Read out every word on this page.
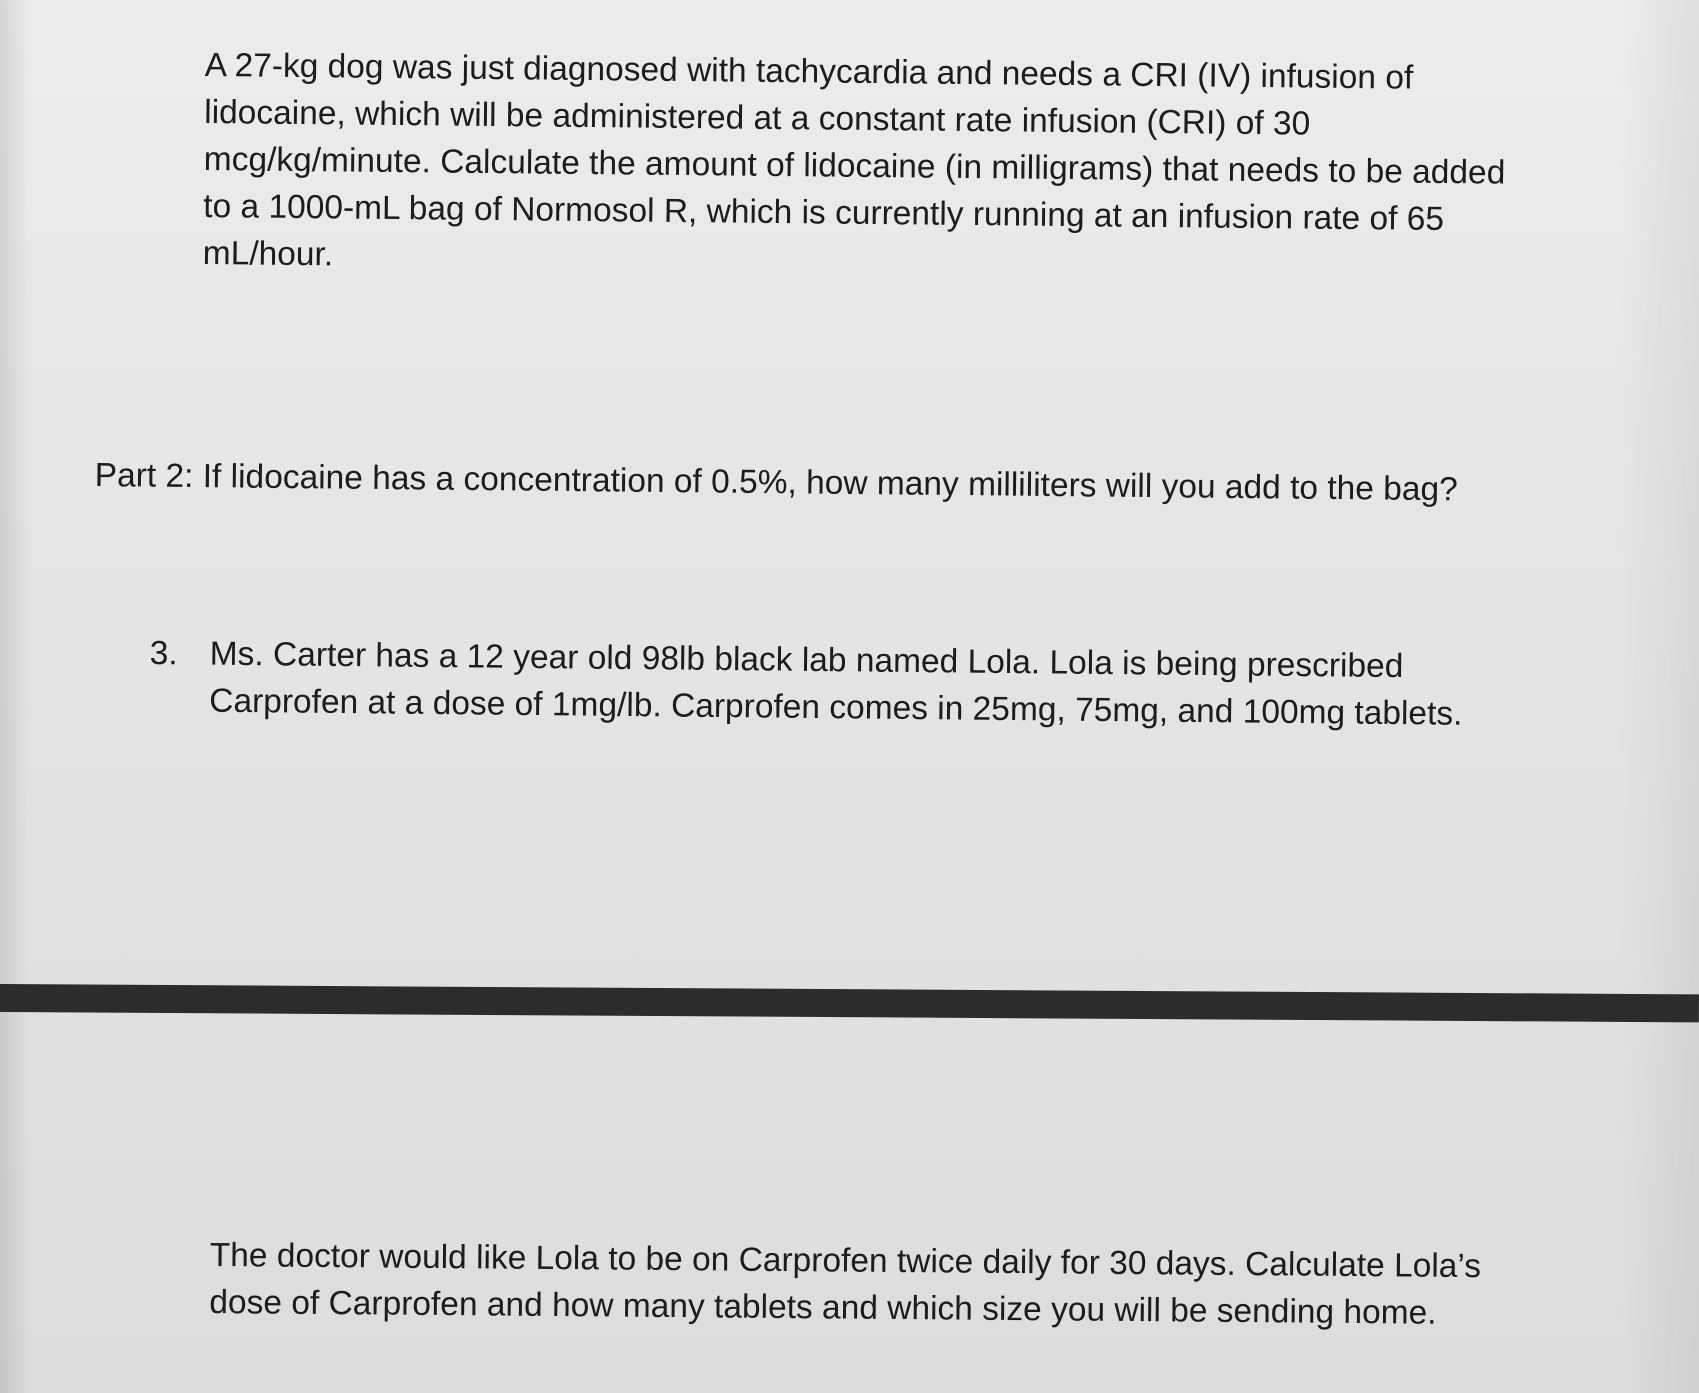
A 27-kg dog was just diagnosed with tachycardia and needs a CRI (IV) infusion of
lidocaine, which will be administered at a constant rate infusion (CRI) of 30
mcg/kg/minute. Calculate the amount of lidocaine (in milligrams) that needs to be added
to a 1000-mL bag of Normosol R, which is currently running at an infusion rate of 65
mL/hour.
Part 2: If lidocaine has a concentration of 0.5%, how many milliliters will you add to the bag?
3. Ms. Carter has a 12 year old 98lb black lab named Lola. Lola is being prescribed
Carprofen at a dose of 1mg/lb. Carprofen comes in 25mg, 75mg, and 100mg tablets.
The doctor would like Lola to be on Carprofen twice daily for 30 days. Calculate Lola’s
dose of Carprofen and how many tablets and which size you will be sending home.
